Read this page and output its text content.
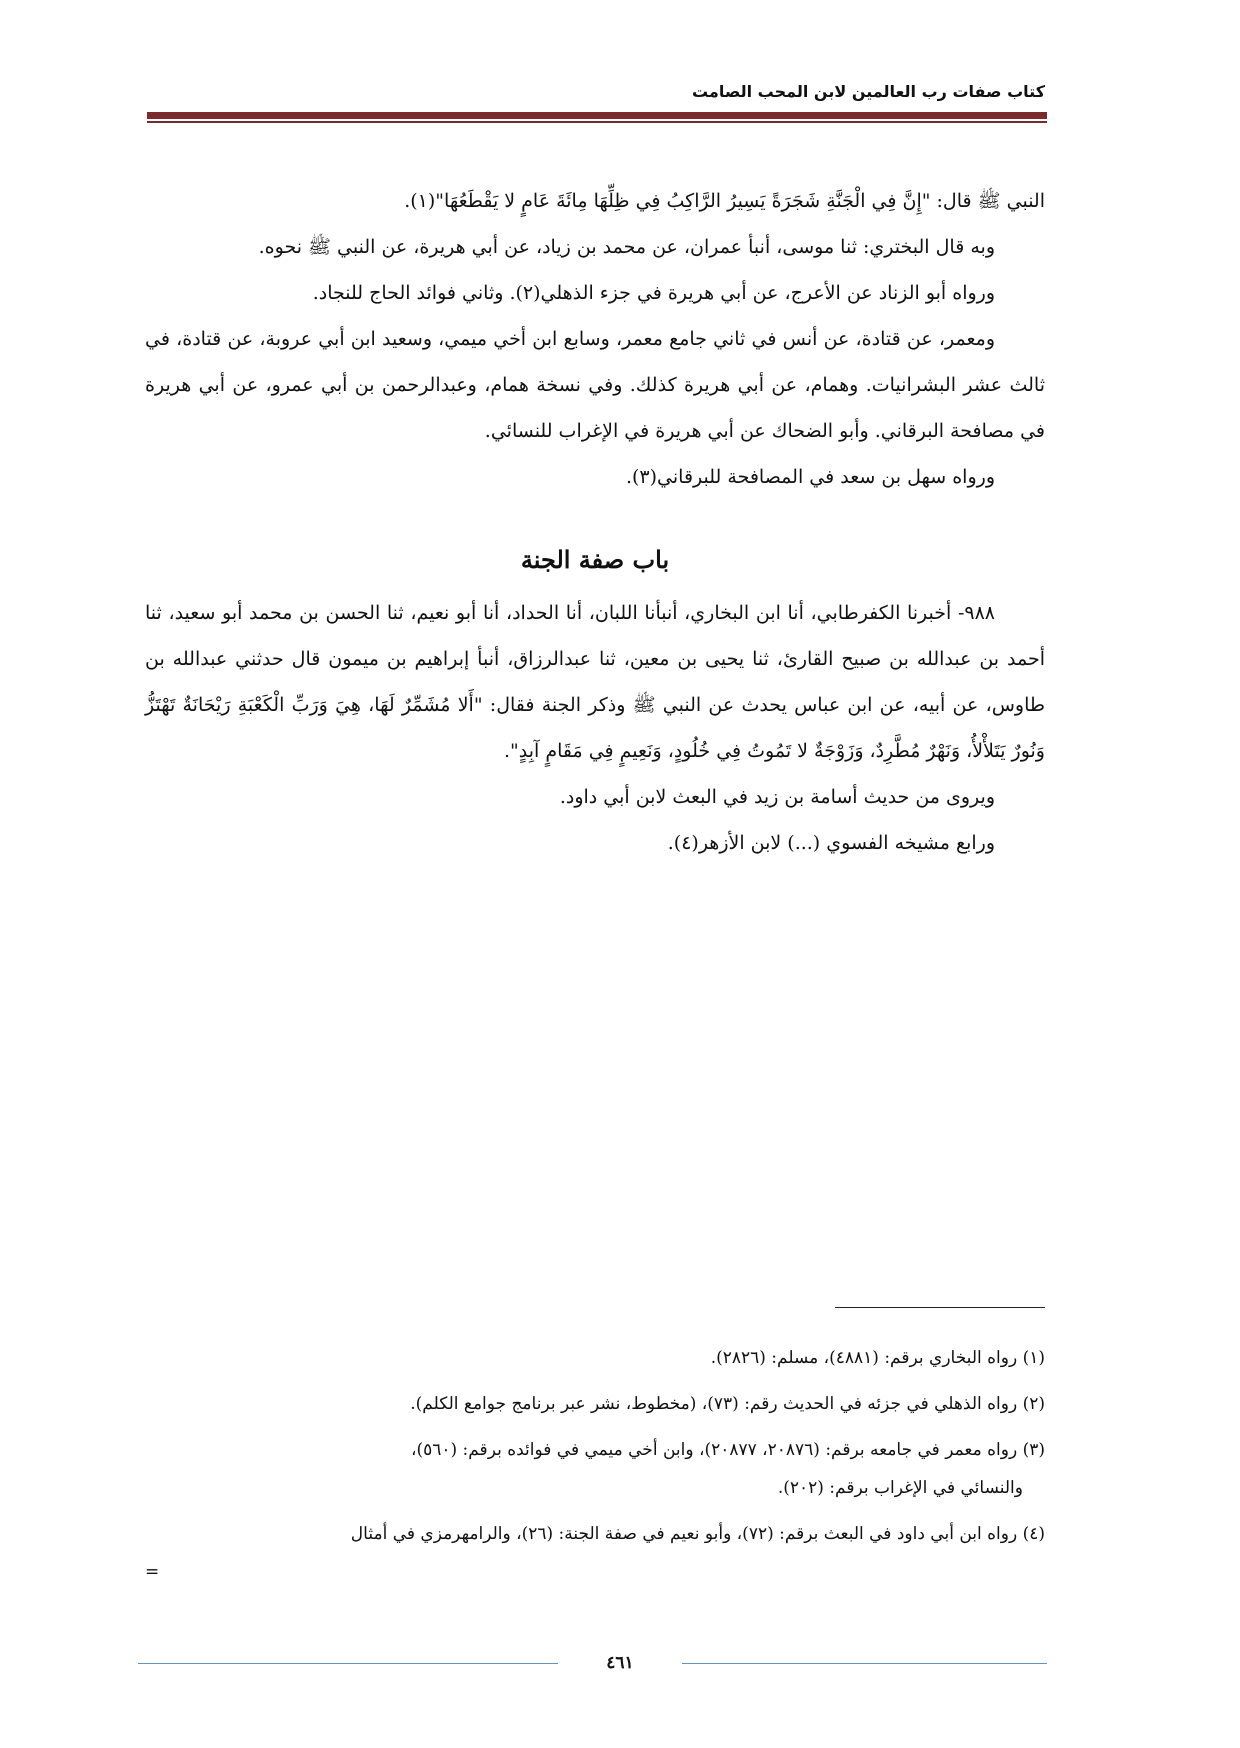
كتاب صفات رب العالمين لابن المحب الصامت

النبي ﷺ قال: "إِنَّ فِي الْجَنَّةِ شَجَرَةً يَسِيرُ الرَّاكِبُ فِي ظِلِّهَا مِائَةَ عَامٍ لا يَقْطَعُهَا"(١).

وبه قال البختري: ثنا موسى، أنبأ عمران، عن محمد بن زياد، عن أبي هريرة، عن النبي ﷺ نحوه.

ورواه أبو الزناد عن الأعرج، عن أبي هريرة في جزء الذهلي(٢). وثاني فوائد الحاج للنجاد.

ومعمر، عن قتادة، عن أنس في ثاني جامع معمر، وسابع ابن أخي ميمي، وسعيد ابن أبي عروبة، عن قتادة، في ثالث عشر البشرانيات. وهمام، عن أبي هريرة كذلك. وفي نسخة همام، وعبدالرحمن بن أبي عمرو، عن أبي هريرة في مصافحة البرقاني. وأبو الضحاك عن أبي هريرة في الإغراب للنسائي.

ورواه سهل بن سعد في المصافحة للبرقاني(٣).

باب صفة الجنة

٩٨٨- أخبرنا الكفرطابي، أنا ابن البخاري، أنبأنا اللبان، أنا الحداد، أنا أبو نعيم، ثنا الحسن بن محمد أبو سعيد، ثنا أحمد بن عبدالله بن صبيح القارئ، ثنا يحيى بن معين، ثنا عبدالرزاق، أنبأ إبراهيم بن ميمون قال حدثني عبدالله بن طاوس، عن أبيه، عن ابن عباس يحدث عن النبي ﷺ وذكر الجنة فقال: "أَلا مُشَمِّرٌ لَهَا، هِيَ وَرَبِّ الْكَعْبَةِ رَيْحَانَةٌ تَهْتَزُّ وَنُورٌ يَتَلأْلأُ، وَنَهْرٌ مُطَّرِدٌ، وَزَوْجَةٌ لا تَمُوتُ فِي خُلُودٍ، وَنَعِيمٍ فِي مَقَامٍ آبِدٍ".

ويروى من حديث أسامة بن زيد في البعث لابن أبي داود.

ورابع مشيخه الفسوي (...) لابن الأزهر(٤).

(١) رواه البخاري برقم: (٤٨٨١)، مسلم: (٢٨٢٦).

(٢) رواه الذهلي في جزئه في الحديث رقم: (٧٣)، (مخطوط، نشر عبر برنامج جوامع الكلم).

(٣) رواه معمر في جامعه برقم: (٢٠٨٧٦، ٢٠٨٧٧)، وابن أخي ميمي في فوائده برقم: (٥٦٠)،

والنسائي في الإغراب برقم: (٢٠٢).

(٤) رواه ابن أبي داود في البعث برقم: (٧٢)، وأبو نعيم في صفة الجنة: (٢٦)، والرامهرمزي في أمثال

=

٤٦١
